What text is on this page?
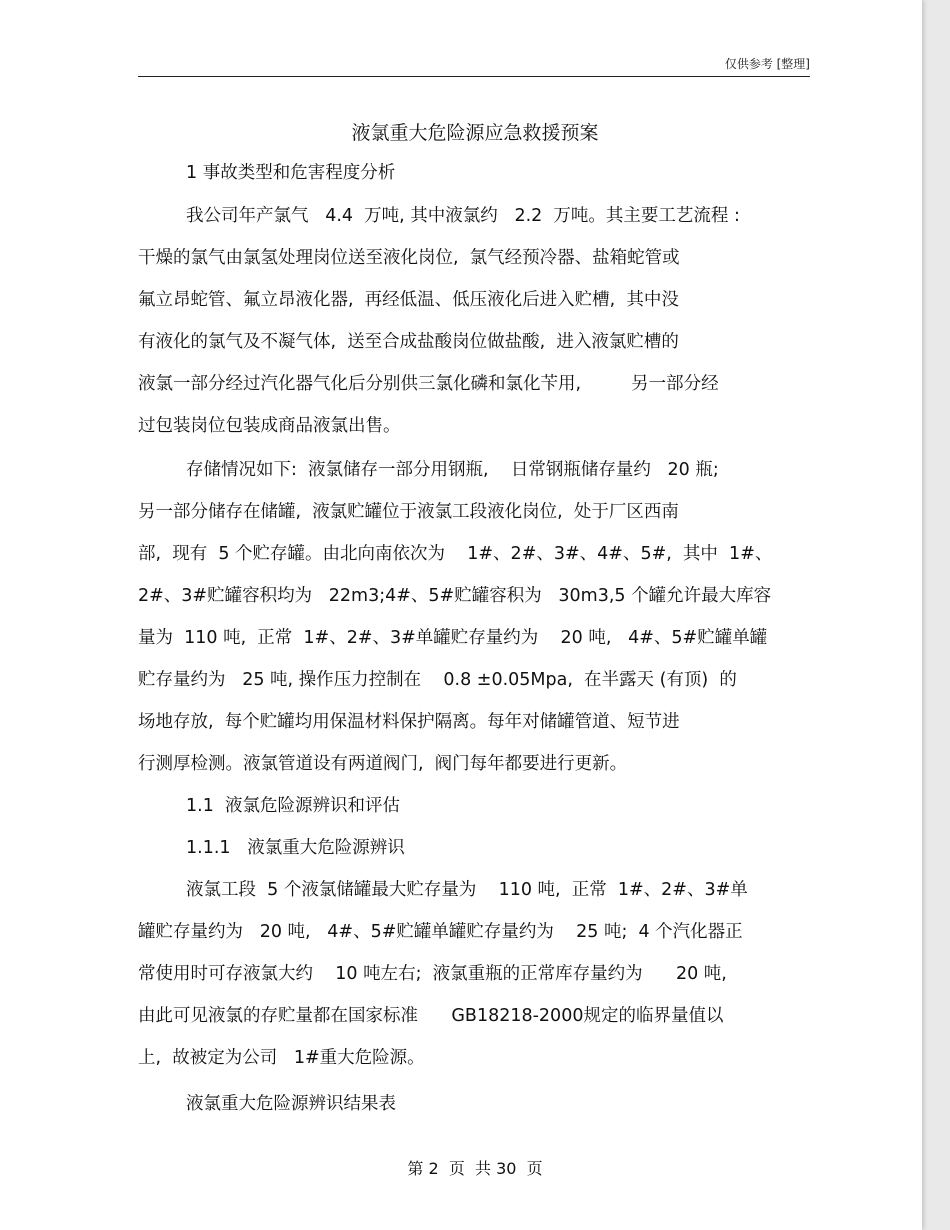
仅供参考 [整理]
液氯重大危险源应急救援预案
1 事故类型和危害程度分析
我公司年产氯气   4.4  万吨, 其中液氯约   2.2  万吨。其主要工艺流程 :
干燥的氯气由氯氢处理岗位送至液化岗位,  氯气经预冷器、盐箱蛇管或
氟立昂蛇管、氟立昂液化器,  再经低温、低压液化后进入贮槽,  其中没
有液化的氯气及不凝气体,  送至合成盐酸岗位做盐酸,  进入液氯贮槽的
液氯一部分经过汽化器气化后分别供三氯化磷和氯化苄用,         另一部分经
过包装岗位包装成商品液氯出售。
存储情况如下:  液氯储存一部分用钢瓶,    日常钢瓶储存量约   20 瓶;
另一部分储存在储罐,  液氯贮罐位于液氯工段液化岗位,  处于厂区西南
部,  现有  5 个贮存罐。由北向南依次为    1#、2#、3#、4#、5#,  其中  1#、
2#、3#贮罐容积均为   22m3;4#、5#贮罐容积为   30m3,5 个罐允许最大库容
量为  110 吨,  正常  1#、2#、3#单罐贮存量约为    20 吨,   4#、5#贮罐单罐
贮存量约为   25 吨, 操作压力控制在    0.8 ±0.05Mpa,  在半露天 (有顶)  的
场地存放,  每个贮罐均用保温材料保护隔离。每年对储罐管道、短节进
行测厚检测。液氯管道设有两道阀门,  阀门每年都要进行更新。
1.1  液氯危险源辨识和评估
1.1.1   液氯重大危险源辨识
液氯工段  5 个液氯储罐最大贮存量为    110 吨,  正常  1#、2#、3#单
罐贮存量约为   20 吨,   4#、5#贮罐单罐贮存量约为    25 吨;  4 个汽化器正
常使用时可存液氯大约    10 吨左右;  液氯重瓶的正常库存量约为      20 吨,
由此可见液氯的存贮量都在国家标准      GB18218-2000规定的临界量值以
上,  故被定为公司   1#重大危险源。
液氯重大危险源辨识结果表
第 2  页  共 30  页
